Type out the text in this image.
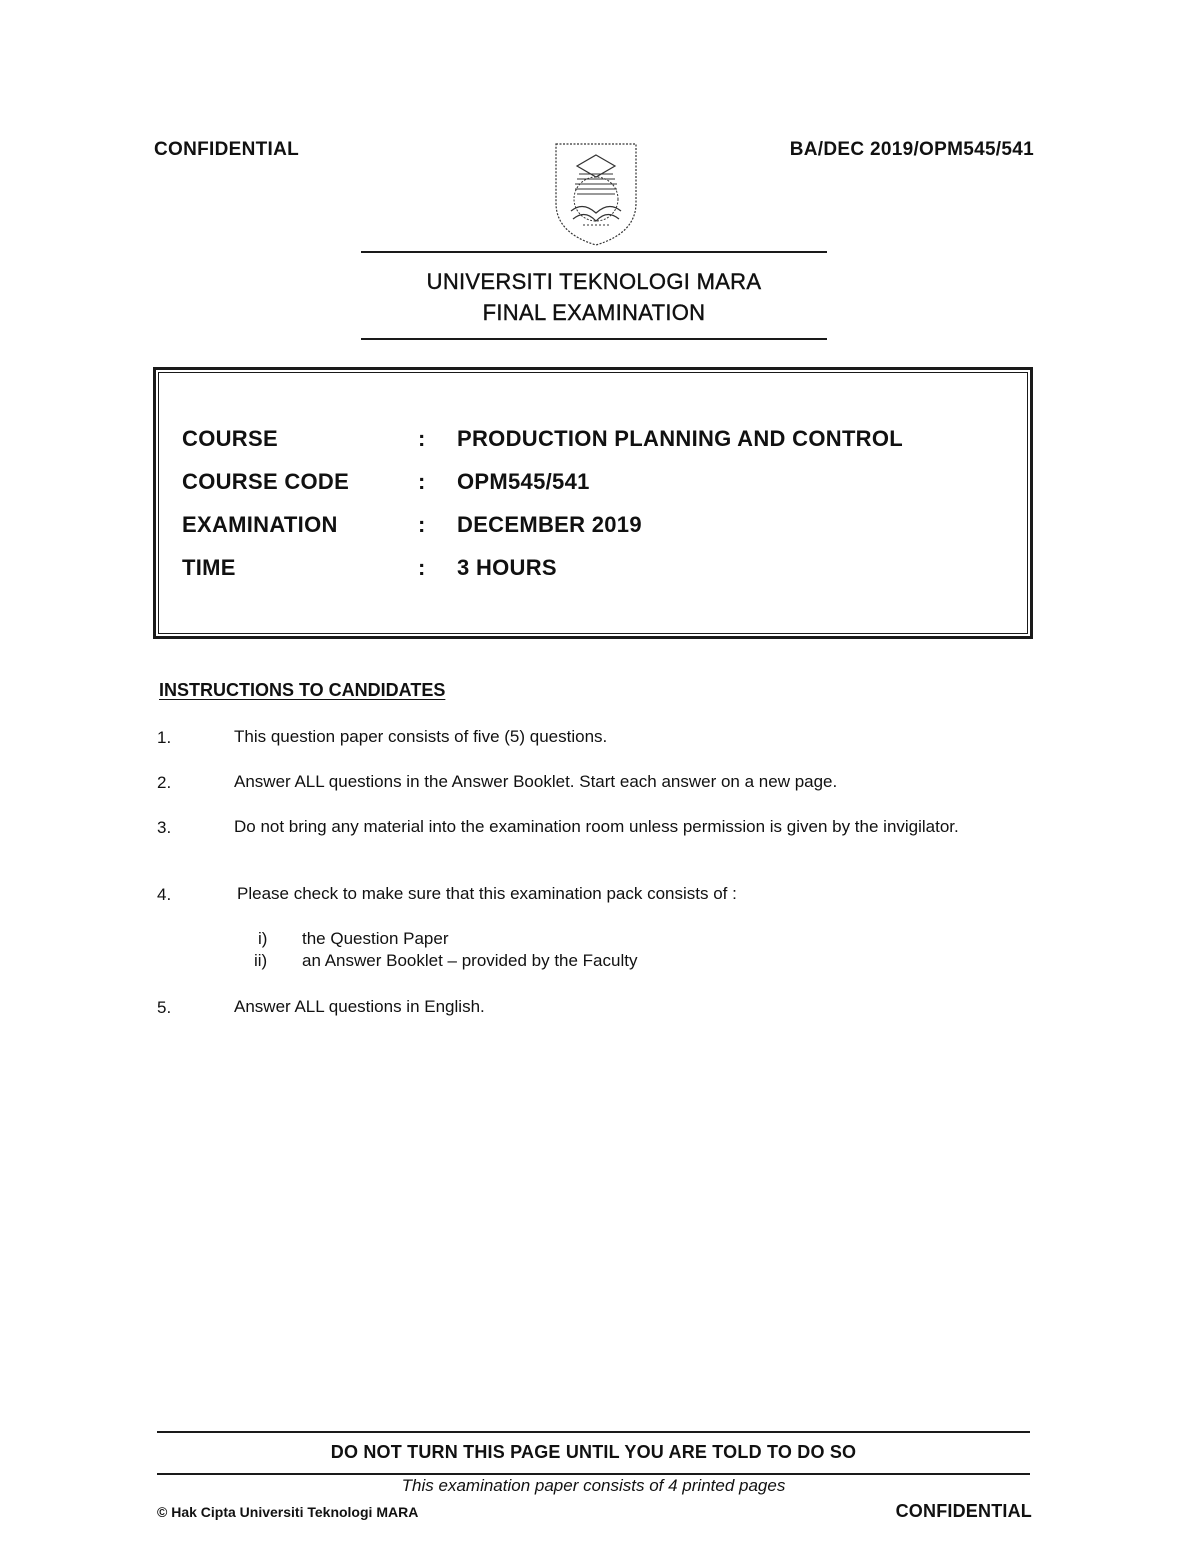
CONFIDENTIAL	BA/DEC 2019/OPM545/541
UNIVERSITI TEKNOLOGI MARA
FINAL EXAMINATION
COURSE	: PRODUCTION PLANNING AND CONTROL
COURSE CODE	: OPM545/541
EXAMINATION	: DECEMBER 2019
TIME	: 3 HOURS
INSTRUCTIONS TO CANDIDATES
1.	This question paper consists of five (5) questions.
2.	Answer ALL questions in the Answer Booklet. Start each answer on a new page.
3.	Do not bring any material into the examination room unless permission is given by the invigilator.
4.	Please check to make sure that this examination pack consists of :
i) the Question Paper
ii) an Answer Booklet – provided by the Faculty
5.	Answer ALL questions in English.
DO NOT TURN THIS PAGE UNTIL YOU ARE TOLD TO DO SO
This examination paper consists of 4 printed pages
© Hak Cipta Universiti Teknologi MARA	CONFIDENTIAL
